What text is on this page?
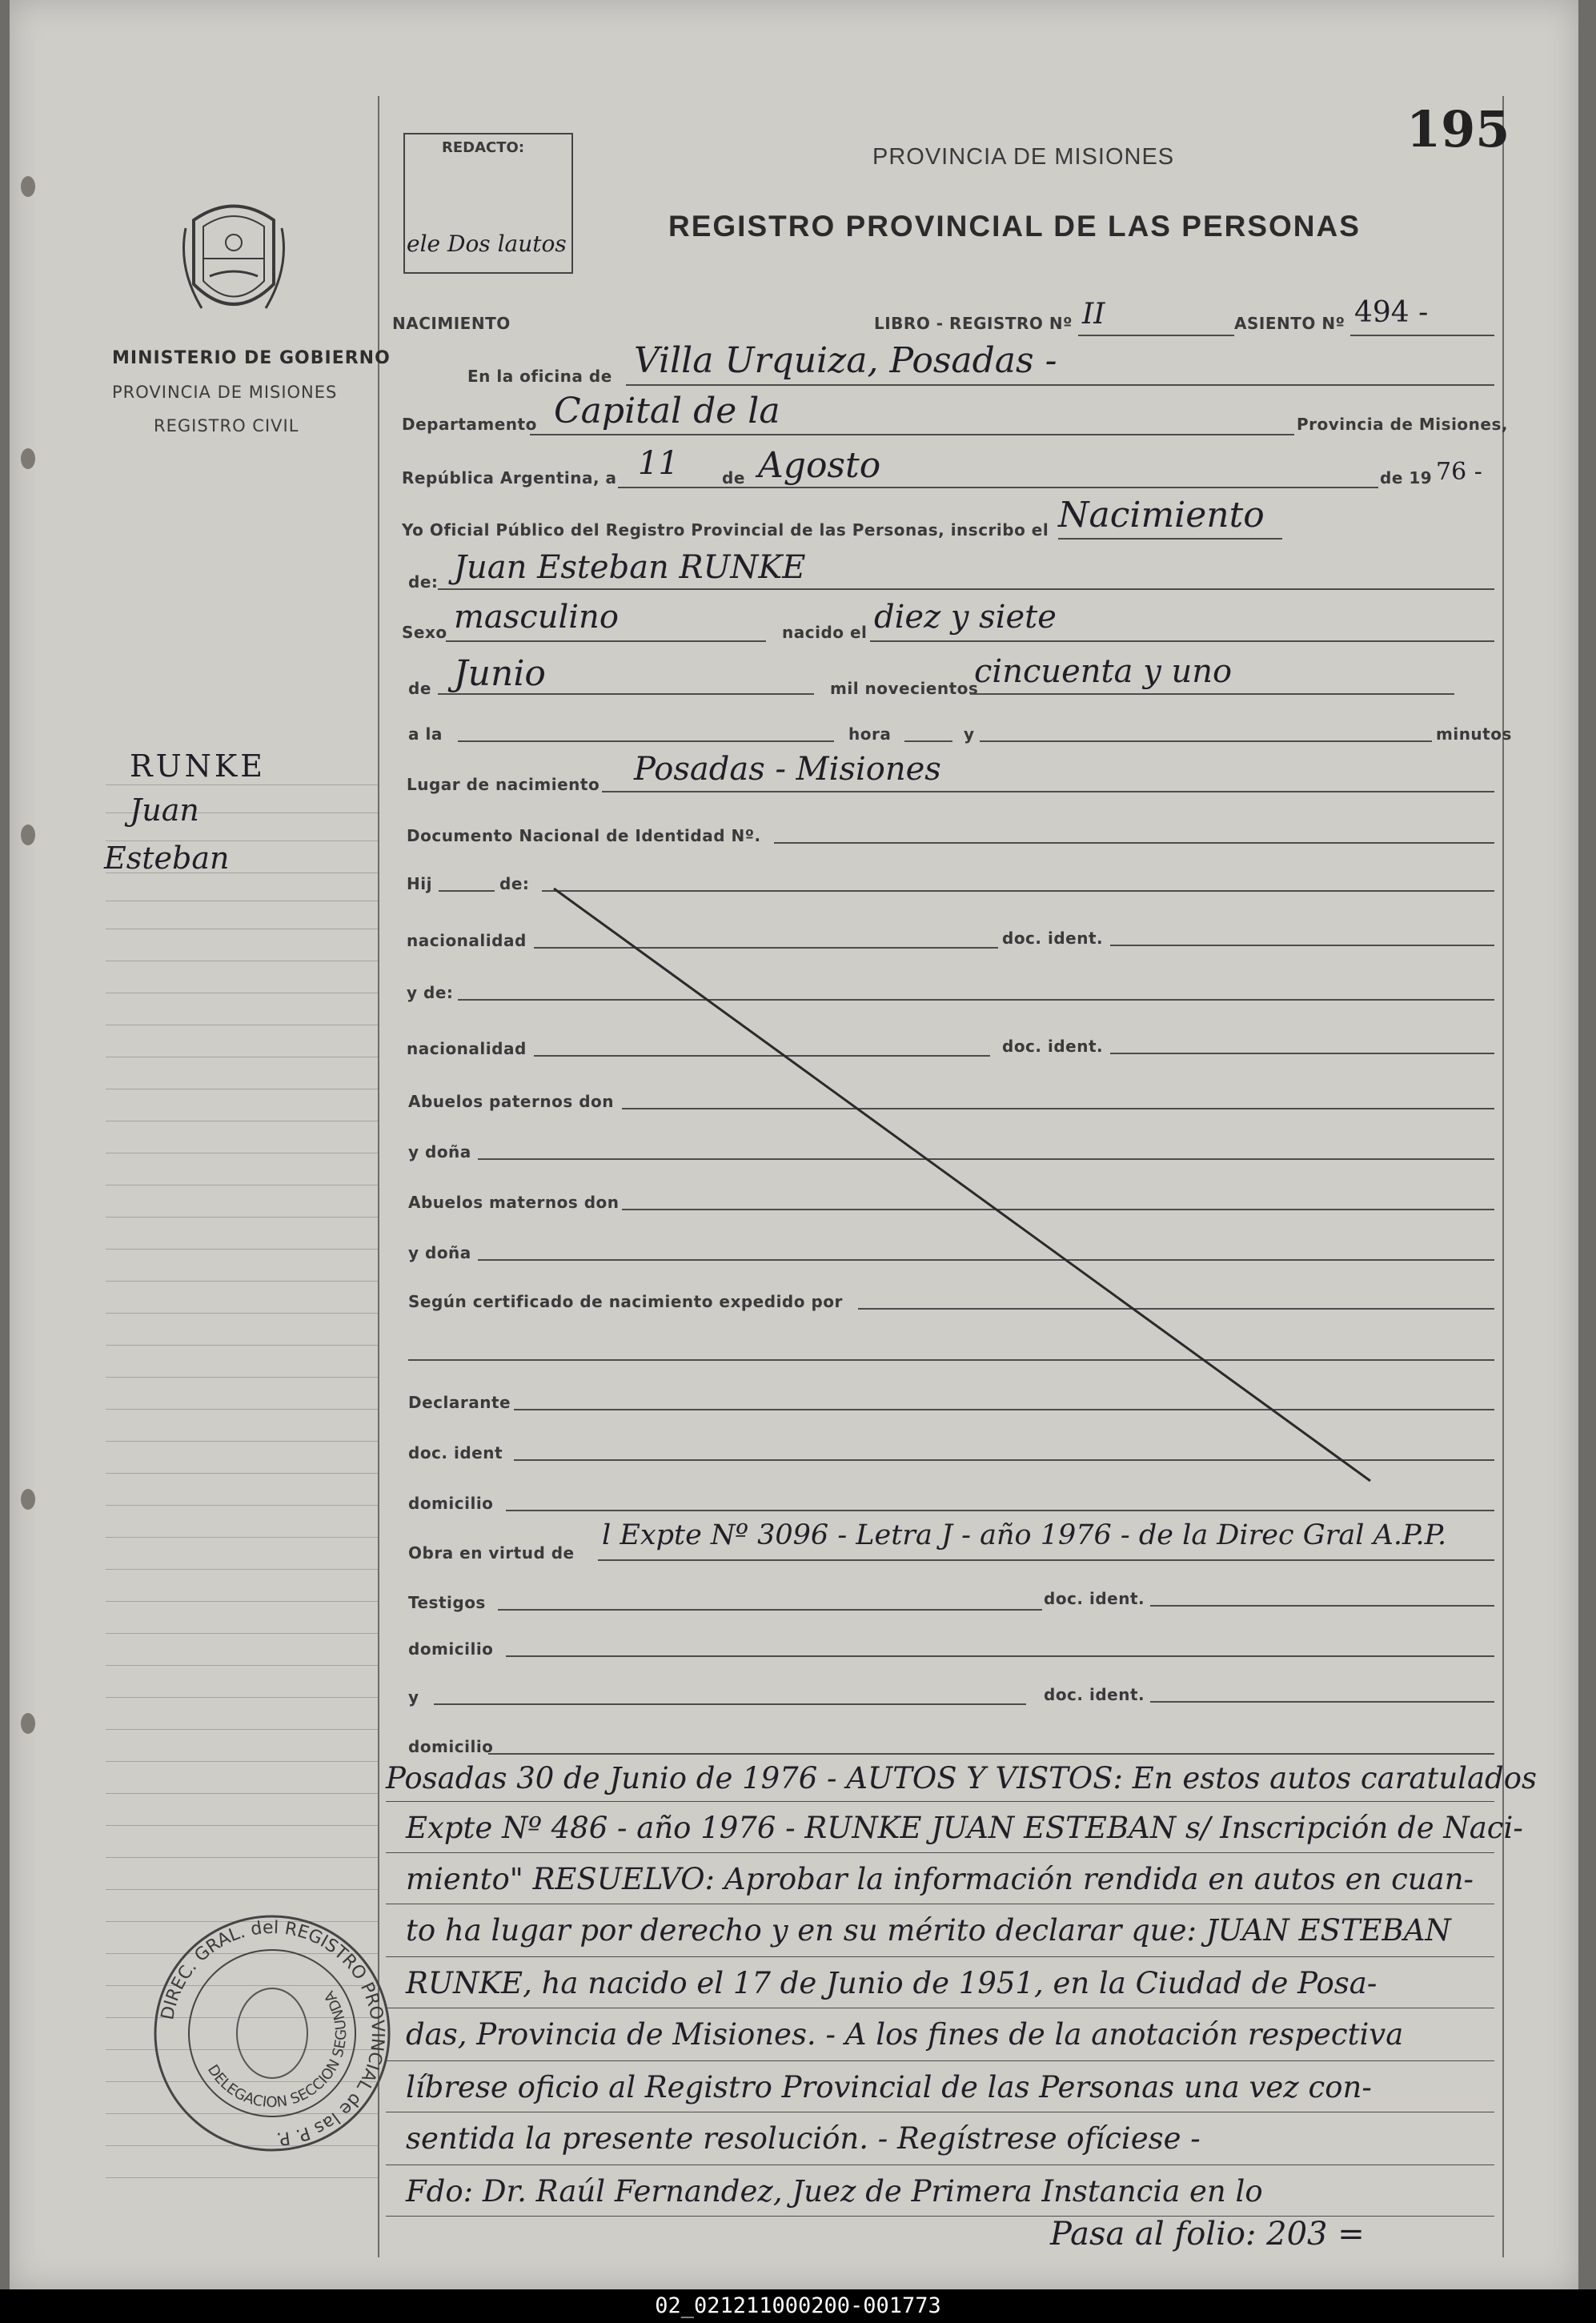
MINISTERIO DE GOBIERNO
PROVINCIA DE MISIONES
REGISTRO CIVIL
RUNKE
Juan
Esteban
REDACTO:
ele Dos lautos
PROVINCIA DE MISIONES
REGISTRO PROVINCIAL DE LAS PERSONAS
195
NACIMIENTO	LIBRO - REGISTRO Nº II	ASIENTO Nº 494 -
En la oficina de Villa Urquiza, Posadas -
Departamento Capital de la	Provincia de Misiones,
República Argentina, a 11	de Agosto	de 19 76 -
Yo Oficial Público del Registro Provincial de las Personas, inscribo el Nacimiento
de: Juan Esteban RUNKE
Sexo masculino	nacido el diez y siete
de Junio	mil novecientos
cincuenta y uno
a la	hora	y	minutos
Lugar de nacimiento Posadas - Misiones
Documento Nacional de Identidad Nº.
Hij	de:
nacionalidad	doc. ident.
y de:
nacionalidad	doc. ident.
Abuelos paternos don
y doña
Abuelos maternos don
y doña
Según certificado de nacimiento expedido por
Declarante
doc. ident
domicilio
Obra en virtud de
l Expte Nº 3096 - Letra J - año 1976 - de la Direc Gral A.P.P.
Testigos	doc. ident.
domicilio
y	doc. ident.
domicilio
Posadas 30 de Junio de 1976 - AUTOS Y VISTOS: En estos autos caratulados
Expte Nº 486 - año 1976 - RUNKE JUAN ESTEBAN s/ Inscripción de Naci-
miento" RESUELVO: Aprobar la información rendida en autos en cuan-
to ha lugar por derecho y en su mérito declarar que: JUAN ESTEBAN
RUNKE, ha nacido el 17 de Junio de 1951, en la Ciudad de Posa-
das, Provincia de Misiones. - A los fines de la anotación respectiva
líbrese oficio al Registro Provincial de las Personas una vez con-
sentida la presente resolución. - Regístrese ofíciese -
Fdo: Dr. Raúl Fernandez, Juez de Primera Instancia en lo
Pasa al folio: 203 =
DIREC. GRAL. del REGISTRO PROVINCIAL de las P. P.
DELEGACION SECCION SEGUNDA
02_021211000200-001773
